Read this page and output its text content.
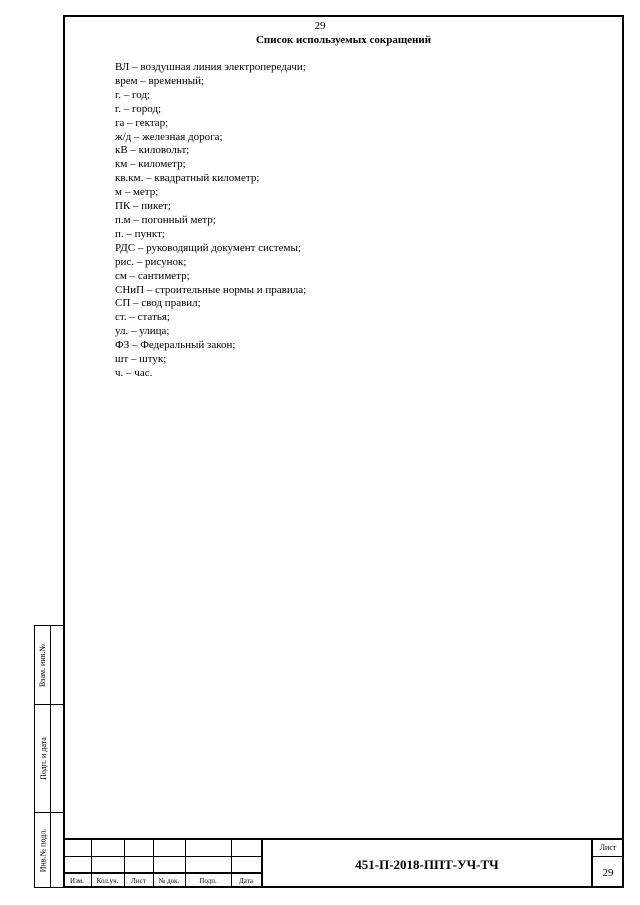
29
Список используемых сокращений
ВЛ – воздушная линия электропередачи;
врем – временный;
г. – год;
г. – город;
га – гектар;
ж/д – железная дорога;
кВ – киловольт;
км – километр;
кв.км. – квадратный километр;
м – метр;
ПК – пикет;
п.м – погонный метр;
п. – пункт;
РДС – руководящий документ системы;
рис. – рисунок;
см – сантиметр;
СНиП – строительные нормы и правила;
СП – свод правил;
ст. – статья;
ул. – улица;
ФЗ – Федеральный закон;
шт – штук;
ч. – час.
Взам. инв.№
Подп. и дата
Инв.№ подл.
Изм.	Кол.уч.	Лист	№ док.	Подп.	Дата
451-П-2018-ППТ-УЧ-ТЧ
Лист
29
